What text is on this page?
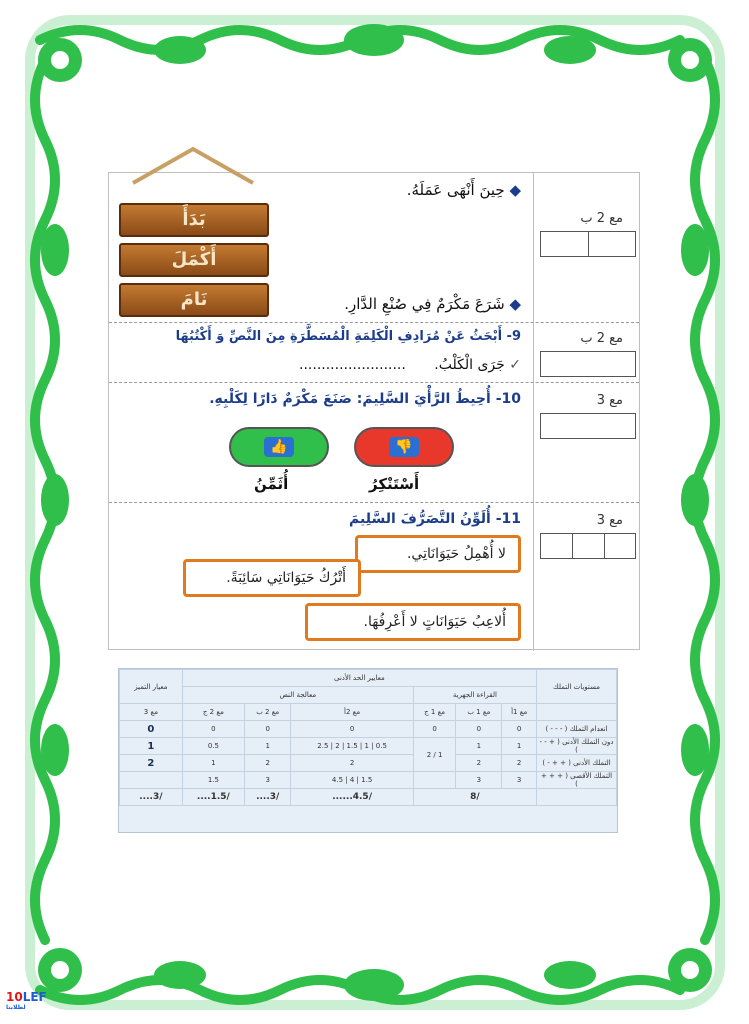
مع 2 ب
◆ حِينَ أَنْهَى عَمَلَهُ.
◆ شَرَعَ مَكْرَمٌ فِي صُنْعِ الدَّارِ.
بَدَأَ
أَكْمَلَ
نَامَ
مع 2 ب
9- أَبْحَثُ عَنْ مُرَادِفِ الْكَلِمَةِ الْمُسَطَّرَةِ مِنَ النَّصِّ وَ أَكْتُبُهَا
✓ جَرَى الْكَلْبُ. ........................
مع 3
10- أُحِيطُ الرَّأْيَ السَّلِيمَ: صَنَعَ مَكْرَمٌ دَارًا لِكَلْبِهِ.
👎
👍
أَسْتَنْكِرُ
أُثَمِّنُ
مع 3
11- أُلَوِّنُ التَّصَرُّفَ السَّلِيمَ
لا أُهْمِلُ حَيَوَانَاتِي.
أَتْرُكُ حَيَوَانَاتِي سَائِبَةً.
أُلاعِبُ حَيَوَانَاتٍ لا أَعْرِفُهَا.
مستويات التملك	معايير الحد الأدنى						معيار التميز
	القراءة الجهرية			معالجة النص			
	مع 1أ	مع 1 ب	مع 1 ج	مع 2أ	مع 2 ب	مع 2 ج	مع 3
انعدام التملك ( - - - )	0	0	0	0	0	0	0
دون التملك الأدنى ( + - - )	1	1	1 / 2	0.5 | 1 | 1.5 | 2 | 2.5	1	0.5	1
التملك الأدنى ( + + - )	2	2		2	2	1	2
التملك الأقصى ( + + + )	3	3		1.5 | 4 | 4.5	3	1.5	
	/8			/4.5......	/3....	/1.5....	/3....
10LEF
لطلابنا
